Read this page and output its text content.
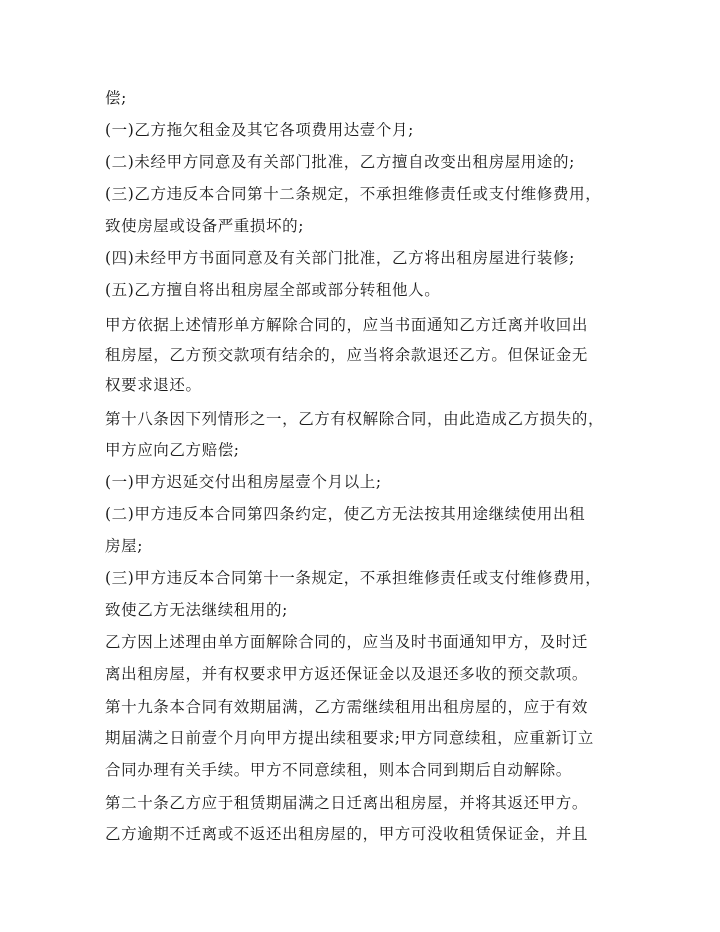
偿;
(一)乙方拖欠租金及其它各项费用达壹个月;
(二)未经甲方同意及有关部门批准，乙方擅自改变出租房屋用途的;
(三)乙方违反本合同第十二条规定，不承担维修责任或支付维修费用，
致使房屋或设备严重损坏的;
(四)未经甲方书面同意及有关部门批准，乙方将出租房屋进行装修;
(五)乙方擅自将出租房屋全部或部分转租他人。
甲方依据上述情形单方解除合同的，应当书面通知乙方迁离并收回出
租房屋，乙方预交款项有结余的，应当将余款退还乙方。但保证金无
权要求退还。
第十八条因下列情形之一，乙方有权解除合同，由此造成乙方损失的，
甲方应向乙方赔偿;
(一)甲方迟延交付出租房屋壹个月以上;
(二)甲方违反本合同第四条约定，使乙方无法按其用途继续使用出租
房屋;
(三)甲方违反本合同第十一条规定，不承担维修责任或支付维修费用，
致使乙方无法继续租用的;
乙方因上述理由单方面解除合同的，应当及时书面通知甲方，及时迁
离出租房屋，并有权要求甲方返还保证金以及退还多收的预交款项。
第十九条本合同有效期届满，乙方需继续租用出租房屋的，应于有效
期届满之日前壹个月向甲方提出续租要求;甲方同意续租，应重新订立
合同办理有关手续。甲方不同意续租，则本合同到期后自动解除。
第二十条乙方应于租赁期届满之日迁离出租房屋，并将其返还甲方。
乙方逾期不迁离或不返还出租房屋的，甲方可没收租赁保证金，并且
